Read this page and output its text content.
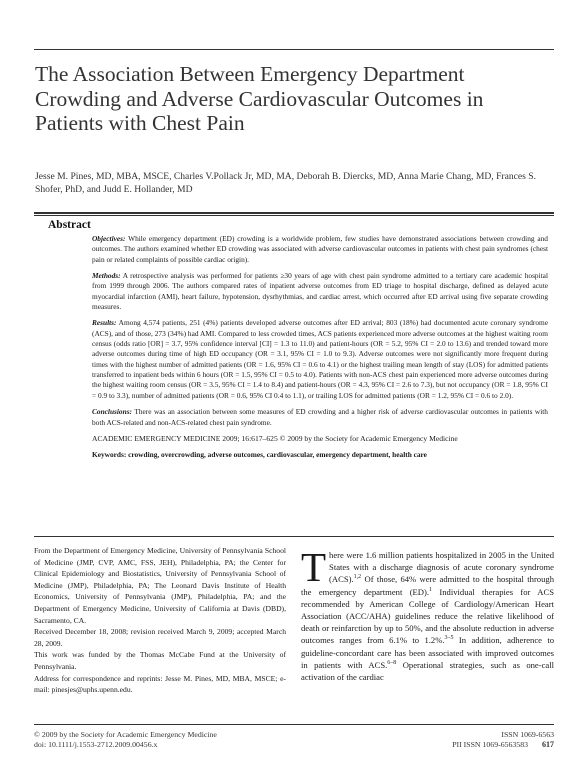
The Association Between Emergency Department Crowding and Adverse Cardiovascular Outcomes in Patients with Chest Pain

Jesse M. Pines, MD, MBA, MSCE, Charles V.Pollack Jr, MD, MA, Deborah B. Diercks, MD, Anna Marie Chang, MD, Frances S. Shofer, PhD, and Judd E. Hollander, MD

Abstract

Objectives: While emergency department (ED) crowding is a worldwide problem, few studies have demonstrated associations between crowding and outcomes. The authors examined whether ED crowding was associated with adverse cardiovascular outcomes in patients with chest pain syndromes (chest pain or related complaints of possible cardiac origin).

Methods: A retrospective analysis was performed for patients ≥30 years of age with chest pain syndrome admitted to a tertiary care academic hospital from 1999 through 2006. The authors compared rates of inpatient adverse outcomes from ED triage to hospital discharge, defined as delayed acute myocardial infarction (AMI), heart failure, hypotension, dysrhythmias, and cardiac arrest, which occurred after ED arrival using five separate crowding measures.

Results: Among 4,574 patients, 251 (4%) patients developed adverse outcomes after ED arrival; 803 (18%) had documented acute coronary syndrome (ACS), and of those, 273 (34%) had AMI. Compared to less crowded times, ACS patients experienced more adverse outcomes at the highest waiting room census (odds ratio [OR] = 3.7, 95% confidence interval [CI] = 1.3 to 11.0) and patient-hours (OR = 5.2, 95% CI = 2.0 to 13.6) and trended toward more adverse outcomes during time of high ED occupancy (OR = 3.1, 95% CI = 1.0 to 9.3). Adverse outcomes were not significantly more frequent during times with the highest number of admitted patients (OR = 1.6, 95% CI = 0.6 to 4.1) or the highest trailing mean length of stay (LOS) for admitted patients transferred to inpatient beds within 6 hours (OR = 1.5, 95% CI = 0.5 to 4.0). Patients with non-ACS chest pain experienced more adverse outcomes during the highest waiting room census (OR = 3.5, 95% CI = 1.4 to 8.4) and patient-hours (OR = 4.3, 95% CI = 2.6 to 7.3), but not occupancy (OR = 1.8, 95% CI = 0.9 to 3.3), number of admitted patients (OR = 0.6, 95% CI 0.4 to 1.1), or trailing LOS for admitted patients (OR = 1.2, 95% CI = 0.6 to 2.0).

Conclusions: There was an association between some measures of ED crowding and a higher risk of adverse cardiovascular outcomes in patients with both ACS-related and non-ACS-related chest pain syndrome.

ACADEMIC EMERGENCY MEDICINE 2009; 16:617–625 © 2009 by the Society for Academic Emergency Medicine

Keywords: crowding, overcrowding, adverse outcomes, cardiovascular, emergency department, health care

From the Department of Emergency Medicine, University of Pennsylvania School of Medicine (JMP, CVP, AMC, FSS, JEH), Philadelphia, PA; the Center for Clinical Epidemiology and Biostatistics, University of Pennsylvania School of Medicine (JMP), Philadelphia, PA; The Leonard Davis Institute of Health Economics, University of Pennsylvania (JMP), Philadelphia, PA; and the Department of Emergency Medicine, University of California at Davis (DBD), Sacramento, CA.

Received December 18, 2008; revision received March 9, 2009; accepted March 28, 2009.

This work was funded by the Thomas McCabe Fund at the University of Pennsylvania.

Address for correspondence and reprints: Jesse M. Pines, MD, MBA, MSCE; e-mail: pinesjes@uphs.upenn.edu.

There were 1.6 million patients hospitalized in 2005 in the United States with a discharge diagnosis of acute coronary syndrome (ACS).$^{1,2}$ Of those, 64% were admitted to the hospital through the emergency department (ED).$^1$ Individual therapies for ACS recommended by American College of Cardiology/American Heart Association (ACC/AHA) guidelines reduce the relative likelihood of death or reinfarction by up to 50%, and the absolute reduction in adverse outcomes ranges from 6.1% to 1.2%.$^{3-5}$ In addition, adherence to guideline-concordant care has been associated with improved outcomes in patients with ACS.$^{6-8}$ Operational strategies, such as one-call activation of the cardiac
© 2009 by the Society for Academic Emergency Medicine
doi: 10.1111/j.1553-2712.2009.00456.x
ISSN 1069-6563
PII ISSN 1069-6563583 617
